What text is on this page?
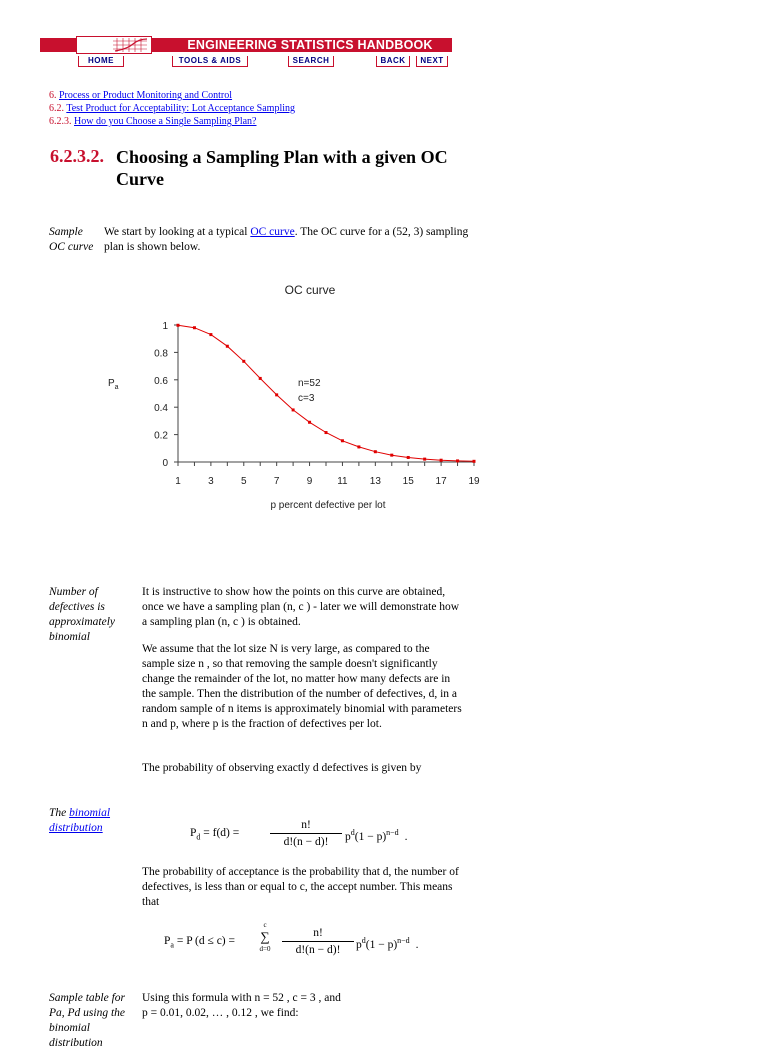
ENGINEERING STATISTICS HANDBOOK
HOME	TOOLS & AIDS	SEARCH	BACK	NEXT
6. Process or Product Monitoring and Control
6.2. Test Product for Acceptability: Lot Acceptance Sampling
6.2.3. How do you Choose a Single Sampling Plan?
6.2.3.2. Choosing a Sampling Plan with a given OC Curve
Sample OC curve
We start by looking at a typical OC curve. The OC curve for a (52, 3) sampling plan is shown below.
OC curve
$P_a$	n=52
c=3
p percent defective per lot
0
0.2
0.4
0.6
0.8
1
1	3	5	7	9 11 13 15 17 19
Number of defectives is approximately binomial
It is instructive to show how the points on this curve are obtained, once we have a sampling plan (n, c ) - later we will demonstrate how a sampling plan (n, c ) is obtained.
We assume that the lot size N is very large, as compared to the sample size n , so that removing the sample doesn't significantly change the remainder of the lot, no matter how many defects are in the sample. Then the distribution of the number of defectives, d, in a random sample of n items is approximately binomial with parameters n and p, where p is the fraction of defectives per lot.
The probability of observing exactly d defectives is given by
The binomial distribution	$P_d = f(d)$ =
n!
d!(n − d)!	$p^d(1 - p)^{n-d}$ .
The probability of acceptance is the probability that d, the number of defectives, is less than or equal to c, the accept number. This means that
$P_a = P$ (d ≤ c) =
c
∑
d=0
n!
d!(n − d)!	$p^d(1 - p)^{n-d}$ .
Sample table for Pa, Pd using the binomial distribution
Using this formula with n = 52 , c = 3 , and
p = 0.01, 0.02, … , 0.12 , we find:
